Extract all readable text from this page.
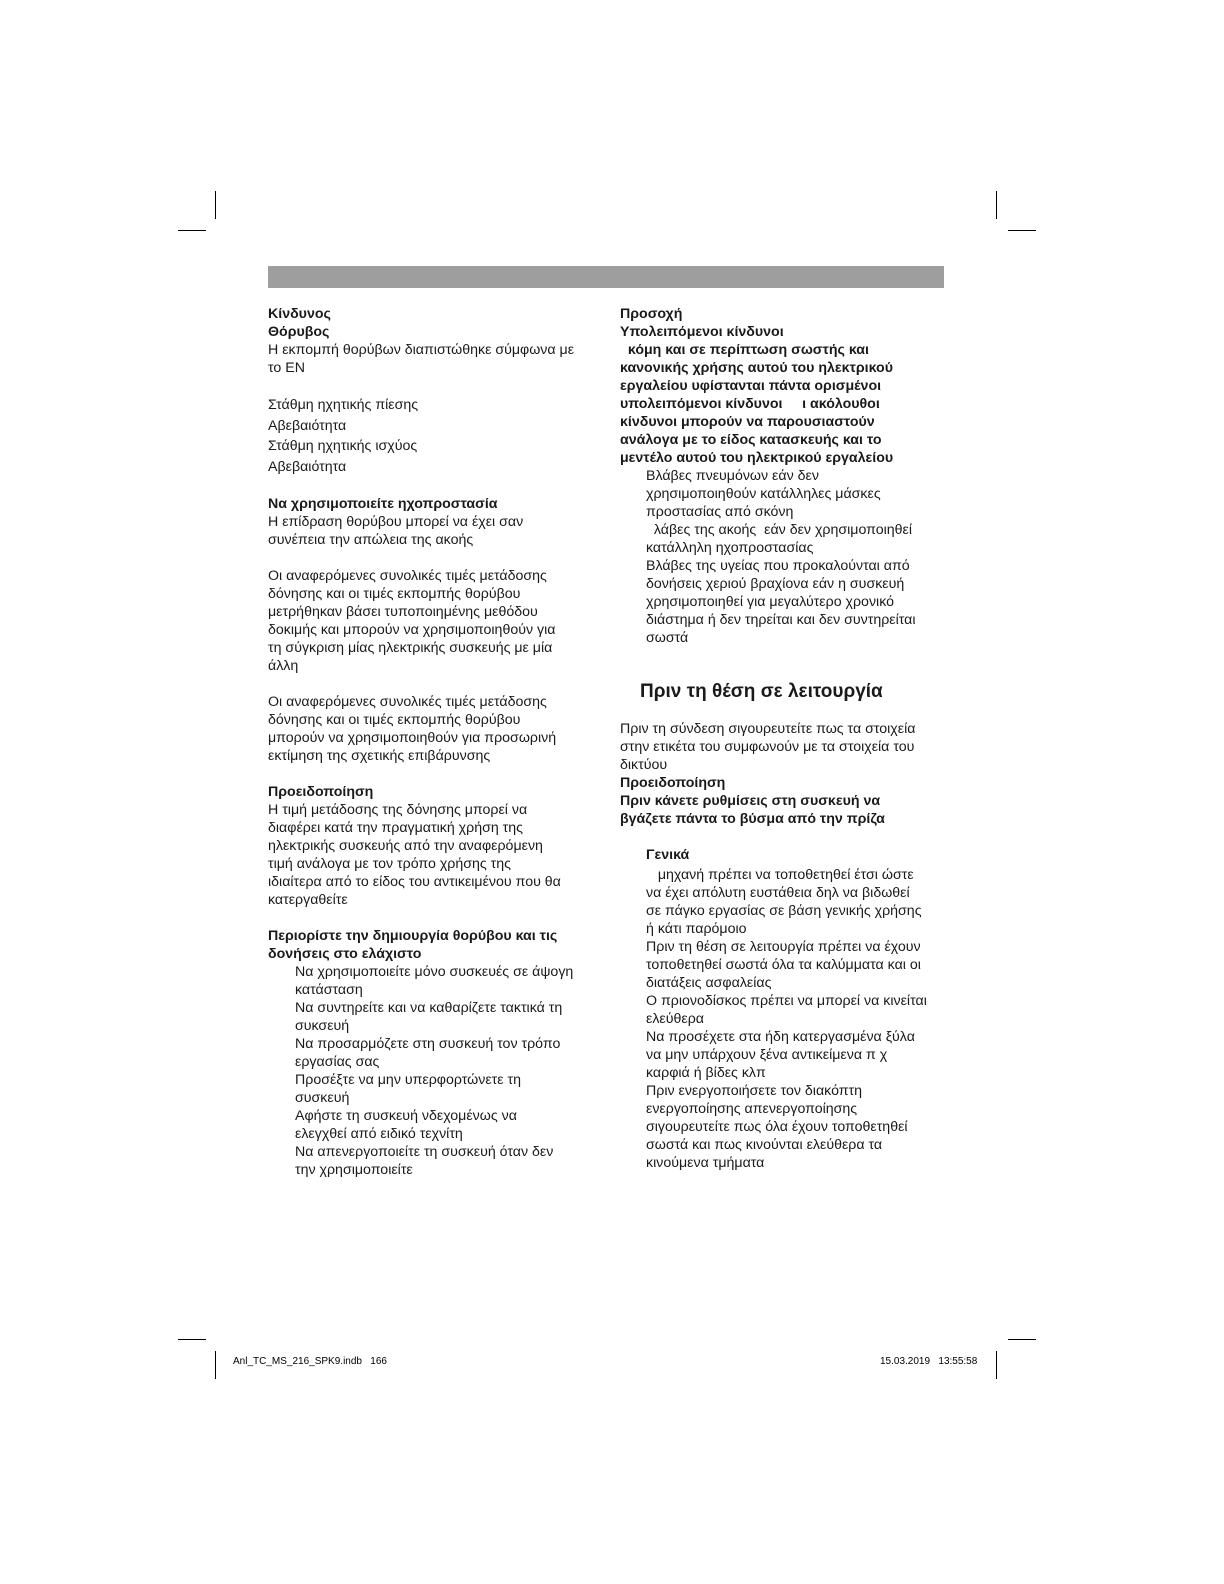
Κίνδυνος

Θόρυβος

Η εκπομπή θορύβων διαπιστώθηκε σύμφωνα με

το EN

Στάθμη ηχητικής πίεσης

Αβεβαιότητα

Στάθμη ηχητικής ισχύος

Αβεβαιότητα

Να χρησιμοποιείτε ηχοπροστασία

Η επίδραση θορύβου μπορεί να έχει σαν

συνέπεια την απώλεια της ακοής

Οι αναφερόμενες συνολικές τιμές μετάδοσης

δόνησης και οι τιμές εκπομπής θορύβου

μετρήθηκαν βάσει τυποποιημένης μεθόδου

δοκιμής και μπορούν να χρησιμοποιηθούν για

τη σύγκριση μίας ηλεκτρικής συσκευής με μία

άλλη

Οι αναφερόμενες συνολικές τιμές μετάδοσης

δόνησης και οι τιμές εκπομπής θορύβου

μπορούν να χρησιμοποιηθούν για προσωρινή

εκτίμηση της σχετικής επιβάρυνσης

Προειδοποίηση

Η τιμή μετάδοσης της δόνησης μπορεί να

διαφέρει κατά την πραγματική χρήση της

ηλεκτρικής συσκευής από την αναφερόμενη

τιμή ανάλογα με τον τρόπο χρήσης της

ιδιαίτερα από το είδος του αντικειμένου που θα

κατεργαθείτε

Περιορίστε την δημιουργία θορύβου και τις

δονήσεις στο ελάχιστο

Να χρησιμοποιείτε μόνο συσκευές σε άψογη

κατάσταση

Να συντηρείτε και να καθαρίζετε τακτικά τη

συκσευή

Να προσαρμόζετε στη συσκευή τον τρόπο

εργασίας σας

Προσέξτε να μην υπερφορτώνετε τη

συσκευή

Αφήστε τη συσκευή νδεχομένως να

ελεγχθεί από ειδικό τεχνίτη

Να απενεργοποιείτε τη συσκευή όταν δεν

την χρησιμοποιείτε

Προσοχή

Υπολειπόμενοι κίνδυνοι

κόμη και σε περίπτωση σωστής και

κανονικής χρήσης αυτού του ηλεκτρικού

εργαλείου υφίστανται πάντα ορισμένοι

υπολειπόμενοι κίνδυνοι     ι ακόλουθοι

κίνδυνοι μπορούν να παρουσιαστούν

ανάλογα με το είδος κατασκευής και το

μεντέλο αυτού του ηλεκτρικού εργαλείου

Βλάβες πνευμόνων εάν δεν

χρησιμοποιηθούν κατάλληλες μάσκες

προστασίας από σκόνη

λάβες της ακοής  εάν δεν χρησιμοποιηθεί

κατάλληλη ηχοπροστασίας

Βλάβες της υγείας που προκαλούνται από

δονήσεις χεριού βραχίονα εάν η συσκευή

χρησιμοποιηθεί για μεγαλύτερο χρονικό

διάστημα ή δεν τηρείται και δεν συντηρείται

σωστά

Πριν τη θέση σε λειτουργία

Πριν τη σύνδεση σιγουρευτείτε πως τα στοιχεία

στην ετικέτα του συμφωνούν με τα στοιχεία του

δικτύου

Προειδοποίηση

Πριν κάνετε ρυθμίσεις στη συσκευή να

βγάζετε πάντα το βύσμα από την πρίζα

Γενικά

μηχανή πρέπει να τοποθετηθεί έτσι ώστε

να έχει απόλυτη ευστάθεια δηλ να βιδωθεί

σε πάγκο εργασίας σε βάση γενικής χρήσης

ή κάτι παρόμοιο

Πριν τη θέση σε λειτουργία πρέπει να έχουν

τοποθετηθεί σωστά όλα τα καλύμματα και οι

διατάξεις ασφαλείας

Ο πριονοδίσκος πρέπει να μπορεί να κινείται

ελεύθερα

Να προσέχετε στα ήδη κατεργασμένα ξύλα

να μην υπάρχουν ξένα αντικείμενα π χ

καρφιά ή βίδες κλπ

Πριν ενεργοποιήσετε τον διακόπτη

ενεργοποίησης απενεργοποίησης

σιγουρευτείτε πως όλα έχουν τοποθετηθεί

σωστά και πως κινούνται ελεύθερα τα

κινούμενα τμήματα

Anl_TC_MS_216_SPK9.indb   166	15.03.2019   13:55:58
